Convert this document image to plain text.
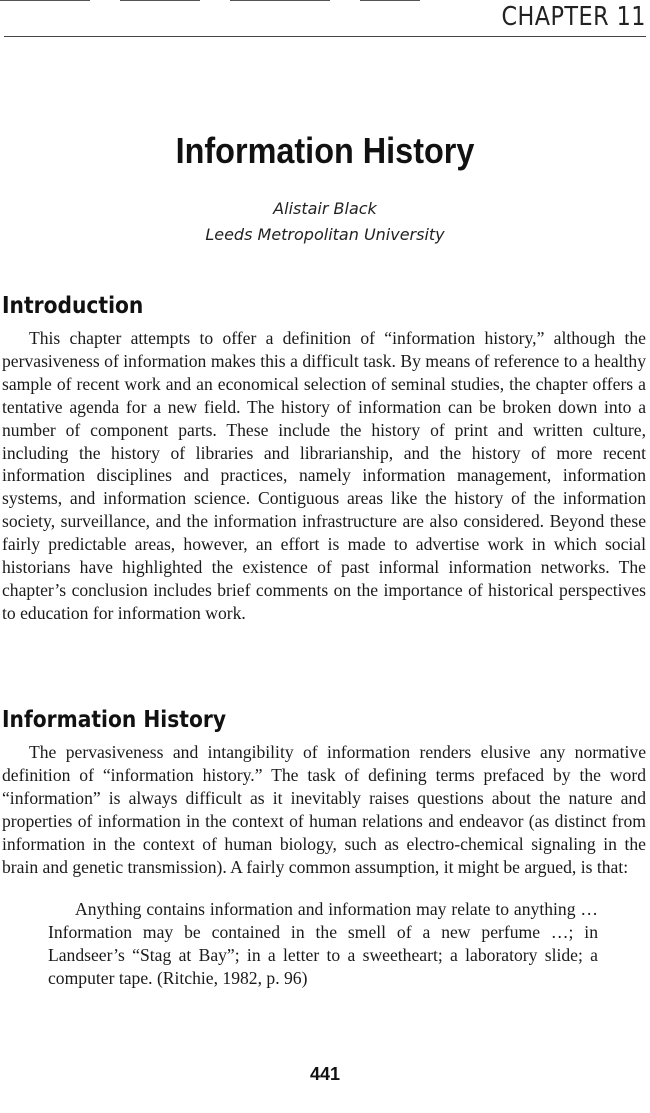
CHAPTER 11
Information History
Alistair Black
Leeds Metropolitan University
Introduction

This chapter attempts to offer a definition of “information history,” although the pervasiveness of information makes this a difficult task. By means of reference to a healthy sample of recent work and an economical selection of seminal studies, the chapter offers a tentative agenda for a new field. The history of information can be broken down into a number of component parts. These include the history of print and written culture, including the history of libraries and librarianship, and the history of more recent information disciplines and practices, namely information management, information systems, and information science. Contiguous areas like the history of the information society, surveillance, and the information infrastructure are also considered. Beyond these fairly predictable areas, however, an effort is made to advertise work in which social historians have highlighted the existence of past informal information networks. The chapter’s conclusion includes brief comments on the importance of historical perspectives to education for information work.

Information History

The pervasiveness and intangibility of information renders elusive any normative definition of “information history.” The task of defining terms prefaced by the word “information” is always difficult as it inevitably raises questions about the nature and properties of information in the context of human relations and endeavor (as distinct from information in the context of human biology, such as electro-chemical signaling in the brain and genetic transmission). A fairly common assumption, it might be argued, is that:

Anything contains information and information may relate to anything … Information may be contained in the smell of a new perfume …; in Landseer’s “Stag at Bay”; in a letter to a sweetheart; a laboratory slide; a computer tape. (Ritchie, 1982, p. 96)

441
